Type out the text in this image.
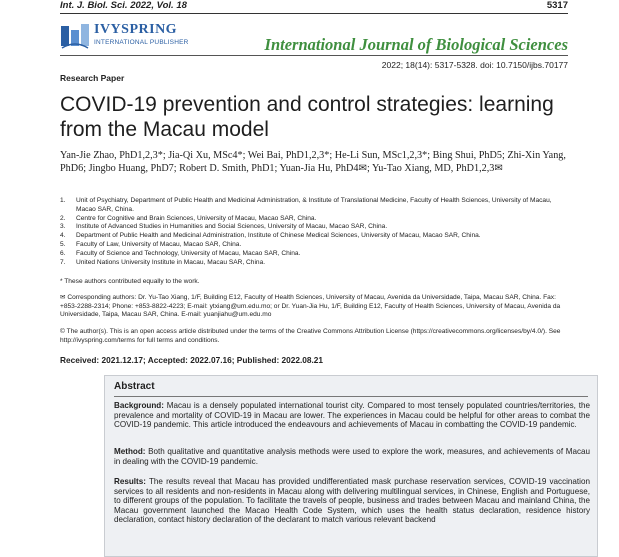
Int. J. Biol. Sci. 2022, Vol. 18	5317
IVYSPRING
INTERNATIONAL PUBLISHER	International Journal of Biological Sciences
2022; 18(14): 5317-5328. doi: 10.7150/ijbs.70177
Research Paper
COVID-19 prevention and control strategies: learning from the Macau model
Yan-Jie Zhao, PhD1,2,3*; Jia-Qi Xu, MSc4*; Wei Bai, PhD1,2,3*; He-Li Sun, MSc1,2,3*; Bing Shui, PhD5; Zhi-Xin Yang, PhD6; Jingbo Huang, PhD7; Robert D. Smith, PhD1; Yuan-Jia Hu, PhD4✉; Yu-Tao Xiang, MD, PhD1,2,3✉
1. Unit of Psychiatry, Department of Public Health and Medicinal Administration, & Institute of Translational Medicine, Faculty of Health Sciences, University of Macau, Macao SAR, China.
2. Centre for Cognitive and Brain Sciences, University of Macau, Macao SAR, China.
3. Institute of Advanced Studies in Humanities and Social Sciences, University of Macau, Macao SAR, China.
4. Department of Public Health and Medicinal Administration, Institute of Chinese Medical Sciences, University of Macau, Macao SAR, China.
5. Faculty of Law, University of Macau, Macao SAR, China.
6. Faculty of Science and Technology, University of Macau, Macao SAR, China.
7. United Nations University Institute in Macau, Macau SAR, China.
* These authors contributed equally to the work.
✉ Corresponding authors: Dr. Yu-Tao Xiang, 1/F, Building E12, Faculty of Health Sciences, University of Macau, Avenida da Universidade, Taipa, Macau SAR, China. Fax: +853-2288-2314; Phone: +853-8822-4223; E-mail: ytxiang@um.edu.mo; or Dr. Yuan-Jia Hu, 1/F, Building E12, Faculty of Health Sciences, University of Macau, Avenida da Universidade, Taipa, Macau SAR, China. E-mail: yuanjiahu@um.edu.mo
© The author(s). This is an open access article distributed under the terms of the Creative Commons Attribution License (https://creativecommons.org/licenses/by/4.0/). See http://ivyspring.com/terms for full terms and conditions.
Received: 2021.12.17; Accepted: 2022.07.16; Published: 2022.08.21
Abstract
Background: Macau is a densely populated international tourist city. Compared to most tensely populated countries/territories, the prevalence and mortality of COVID-19 in Macau are lower. The experiences in Macau could be helpful for other areas to combat the COVID-19 pandemic. This article introduced the endeavours and achievements of Macau in combatting the COVID-19 pandemic.
Method: Both qualitative and quantitative analysis methods were used to explore the work, measures, and achievements of Macau in dealing with the COVID-19 pandemic.
Results: The results reveal that Macau has provided undifferentiated mask purchase reservation services, COVID-19 vaccination services to all residents and non-residents in Macau along with delivering multilingual services, in Chinese, English and Portuguese, to different groups of the population. To facilitate the travels of people, business and trades between Macau and mainland China, the Macau government launched the Macao Health Code System, which uses the health status declaration, residence history declaration, contact history declaration of the declarant to match various relevant backend
